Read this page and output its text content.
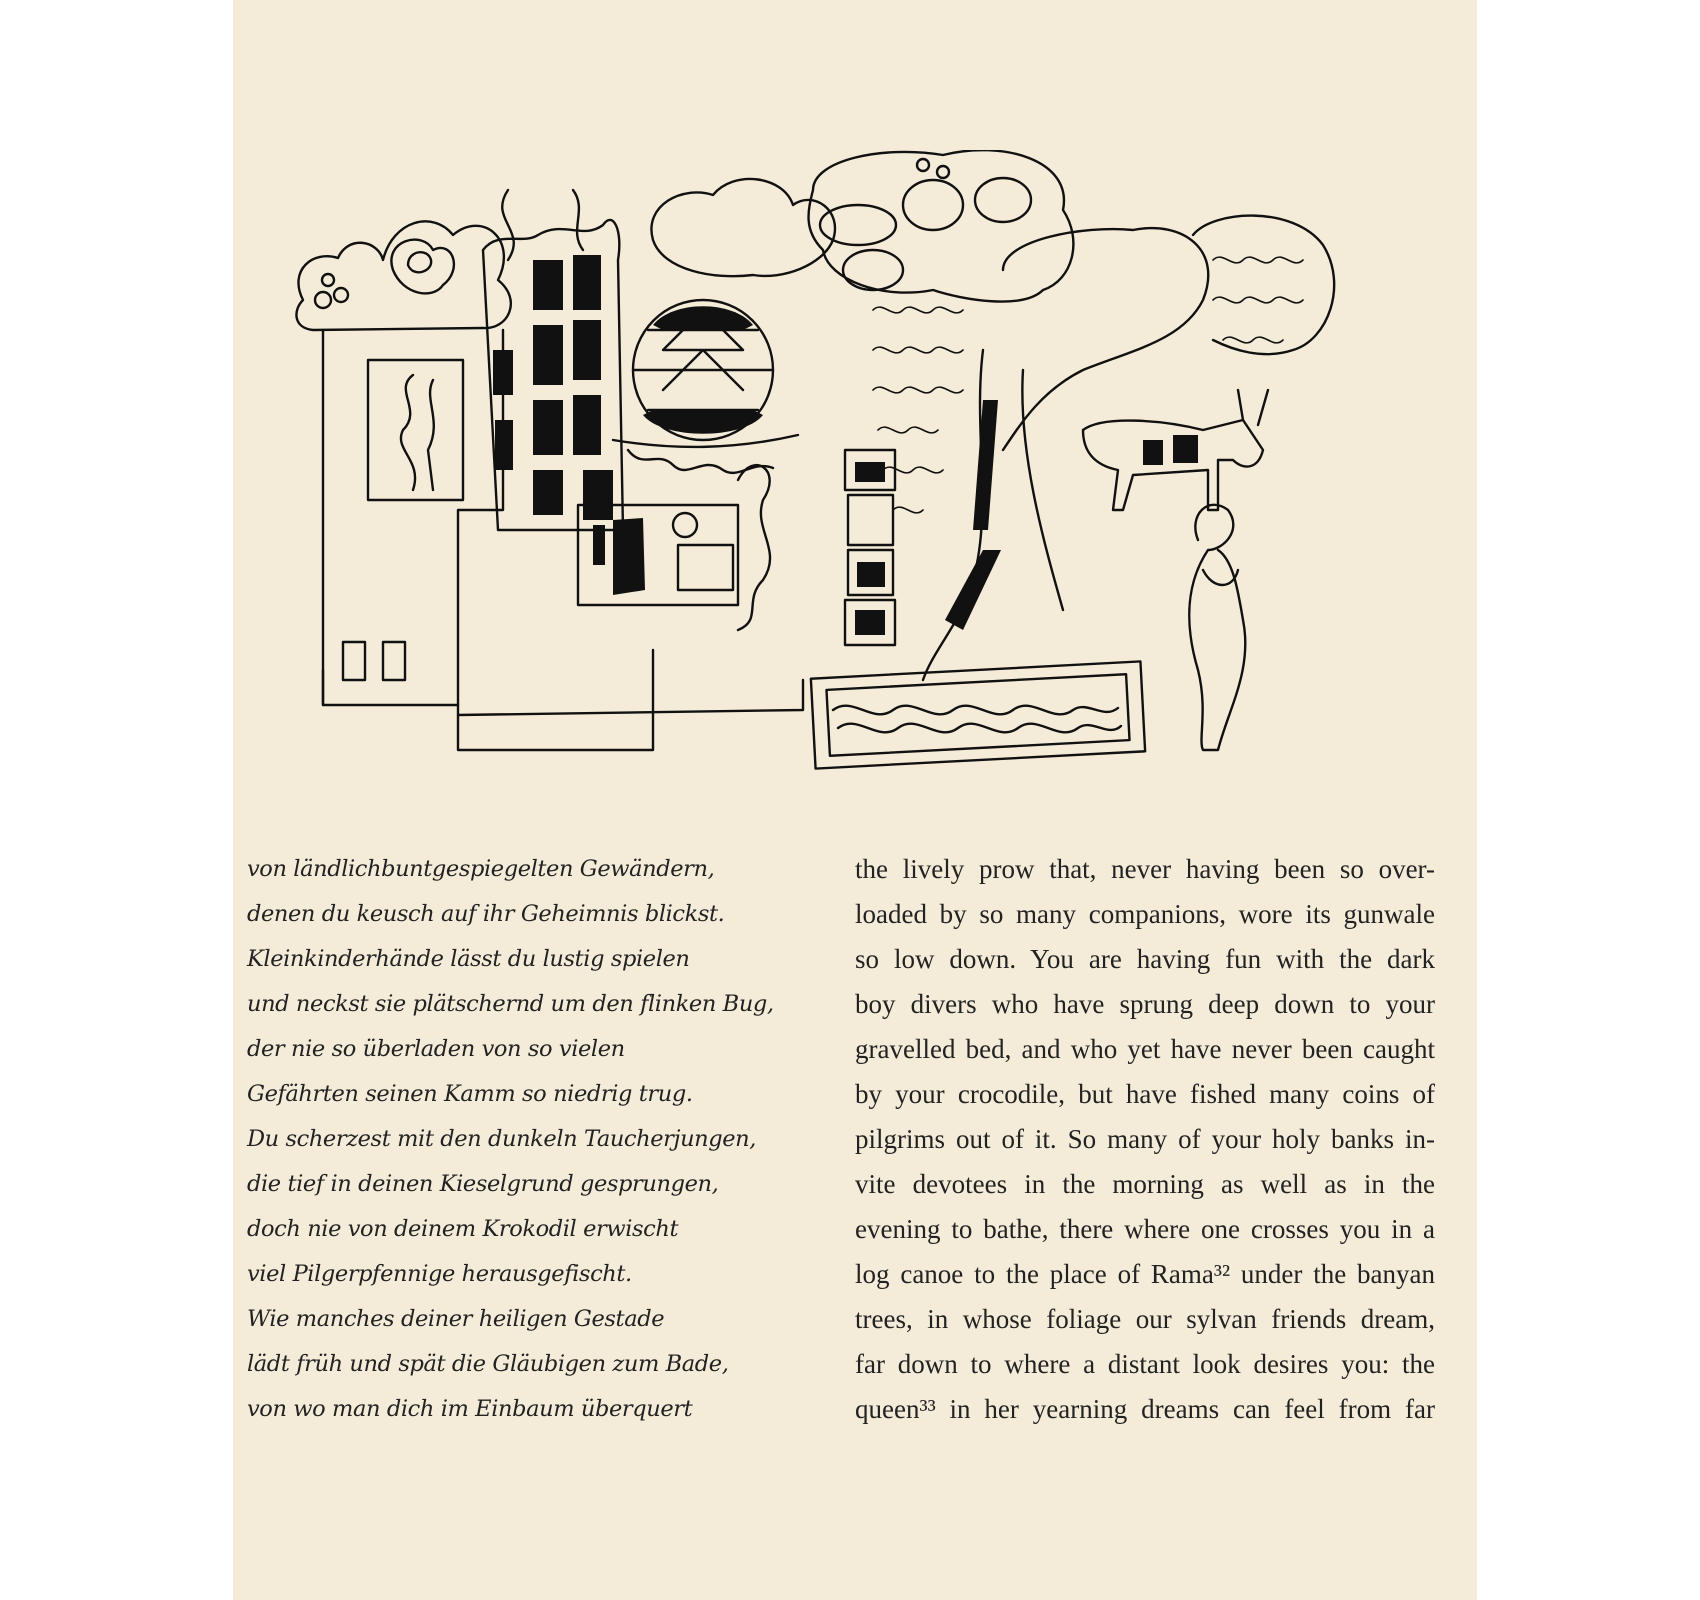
von ländlichbuntgespiegelten Gewändern,
denen du keusch auf ihr Geheimnis blickst.
Kleinkinderhände lässt du lustig spielen
und neckst sie plätschernd um den flinken Bug,
der nie so überladen von so vielen
Gefährten seinen Kamm so niedrig trug.
Du scherzest mit den dunkeln Taucherjungen,
die tief in deinen Kieselgrund gesprungen,
doch nie von deinem Krokodil erwischt
viel Pilgerpfennige herausgefischt.
Wie manches deiner heiligen Gestade
lädt früh und spät die Gläubigen zum Bade,
von wo man dich im Einbaum überquert
the lively prow that, never having been so over-
loaded by so many companions, wore its gunwale
so low down. You are having fun with the dark
boy divers who have sprung deep down to your
gravelled bed, and who yet have never been caught
by your crocodile, but have fished many coins of
pilgrims out of it. So many of your holy banks in-
vite devotees in the morning as well as in the
evening to bathe, there where one crosses you in a
log canoe to the place of Rama³² under the banyan
trees, in whose foliage our sylvan friends dream,
far down to where a distant look desires you: the
queen³³ in her yearning dreams can feel from far
